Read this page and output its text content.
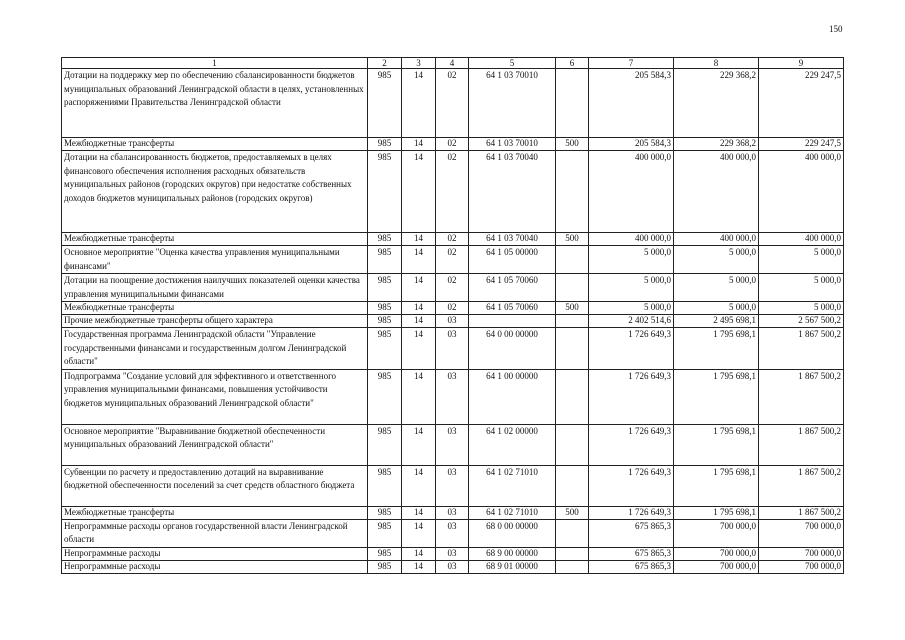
150
1	2	3	4	5	6	7	8	9
Дотации на поддержку мер по обеспечению сбалансированности бюджетов муниципальных образований Ленинградской области в целях, установленных распоряжениями Правительства Ленинградской области	985	14	02	64 1 03 70010		205 584,3	229 368,2	229 247,5
Межбюджетные трансферты	985	14	02	64 1 03 70010	500	205 584,3	229 368,2	229 247,5
Дотации на сбалансированность бюджетов, предоставляемых в целях финансового обеспечения исполнения расходных обязательств муниципальных районов (городских округов) при недостатке собственных доходов бюджетов муниципальных районов (городских округов)	985	14	02	64 1 03 70040		400 000,0	400 000,0	400 000,0
Межбюджетные трансферты	985	14	02	64 1 03 70040	500	400 000,0	400 000,0	400 000,0
Основное мероприятие "Оценка качества управления муниципальными финансами"	985	14	02	64 1 05 00000		5 000,0	5 000,0	5 000,0
Дотации на поощрение достижения наилучших показателей оценки качества управления муниципальными финансами	985	14	02	64 1 05 70060		5 000,0	5 000,0	5 000,0
Межбюджетные трансферты	985	14	02	64 1 05 70060	500	5 000,0	5 000,0	5 000,0
Прочие межбюджетные трансферты общего характера	985	14	03			2 402 514,6	2 495 698,1	2 567 500,2
Государственная программа Ленинградской области "Управление государственными финансами и государственным долгом Ленинградской области"	985	14	03	64 0 00 00000		1 726 649,3	1 795 698,1	1 867 500,2
Подпрограмма "Создание условий для эффективного и ответственного управления муниципальными финансами, повышения устойчивости бюджетов муниципальных образований Ленинградской области"	985	14	03	64 1 00 00000		1 726 649,3	1 795 698,1	1 867 500,2
Основное мероприятие "Выравнивание бюджетной обеспеченности муниципальных образований Ленинградской области"	985	14	03	64 1 02 00000		1 726 649,3	1 795 698,1	1 867 500,2
Субвенции по расчету и предоставлению дотаций на выравнивание бюджетной обеспеченности поселений за счет средств областного бюджета	985	14	03	64 1 02 71010		1 726 649,3	1 795 698,1	1 867 500,2
Межбюджетные трансферты	985	14	03	64 1 02 71010	500	1 726 649,3	1 795 698,1	1 867 500,2
Непрограммные расходы органов государственной власти Ленинградской области	985	14	03	68 0 00 00000		675 865,3	700 000,0	700 000,0
Непрограммные расходы	985	14	03	68 9 00 00000		675 865,3	700 000,0	700 000,0
Непрограммные расходы	985	14	03	68 9 01 00000		675 865,3	700 000,0	700 000,0
